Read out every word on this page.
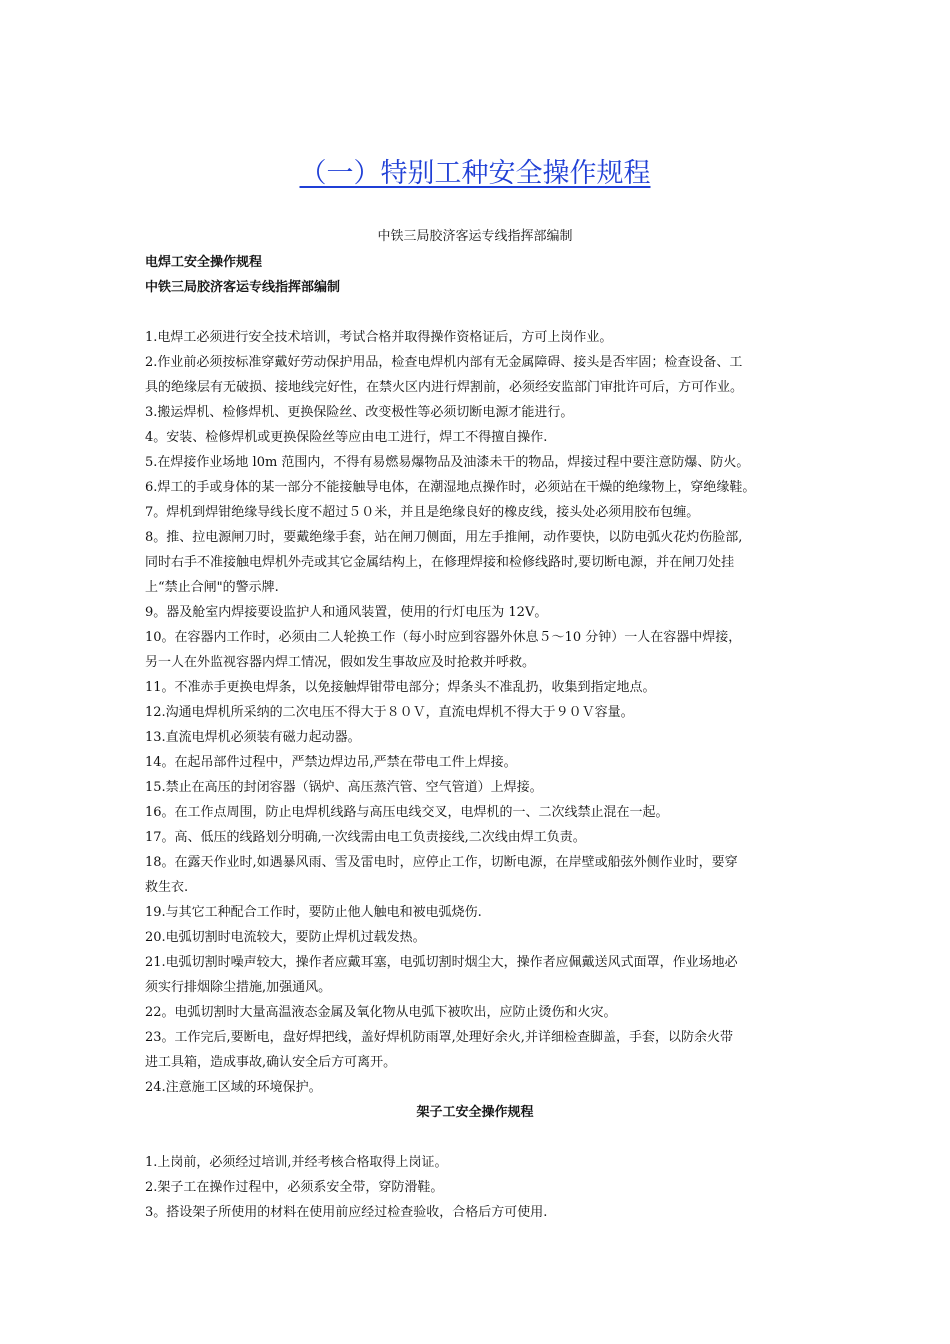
（一）特别工种安全操作规程
中铁三局胶济客运专线指挥部编制
电焊工安全操作规程
中铁三局胶济客运专线指挥部编制
1.电焊工必须进行安全技术培训，考试合格并取得操作资格证后，方可上岗作业。
2.作业前必须按标准穿戴好劳动保护用品，检查电焊机内部有无金属障碍、接头是否牢固；检查设备、工
具的绝缘层有无破损、接地线完好性，在禁火区内进行焊割前，必须经安监部门审批许可后，方可作业。
3.搬运焊机、检修焊机、更换保险丝、改变极性等必须切断电源才能进行。
4。安装、检修焊机或更换保险丝等应由电工进行，焊工不得擅自操作.
5.在焊接作业场地 l0m 范围内，不得有易燃易爆物品及油漆未干的物品，焊接过程中要注意防爆、防火。
6.焊工的手或身体的某一部分不能接触导电体，在潮湿地点操作时，必须站在干燥的绝缘物上，穿绝缘鞋。
7。焊机到焊钳绝缘导线长度不超过５０米，并且是绝缘良好的橡皮线，接头处必须用胶布包缠。
8。推、拉电源闸刀时，要戴绝缘手套，站在闸刀侧面，用左手推闸，动作要快，以防电弧火花灼伤脸部,
同时右手不准接触电焊机外壳或其它金属结构上，在修理焊接和检修线路时,要切断电源，并在闸刀处挂
上“禁止合闸"的警示牌.
9。器及舱室内焊接要设监护人和通风装置，使用的行灯电压为 12V。
10。在容器内工作时，必须由二人轮换工作（每小时应到容器外休息５～10 分钟）一人在容器中焊接，
另一人在外监视容器内焊工情况，假如发生事故应及时抢救并呼救。
11。不准赤手更换电焊条，以免接触焊钳带电部分；焊条头不准乱扔，收集到指定地点。
12.沟通电焊机所采纳的二次电压不得大于８０Ｖ，直流电焊机不得大于９０Ｖ容量。
13.直流电焊机必须装有磁力起动器。
14。在起吊部件过程中，严禁边焊边吊,严禁在带电工件上焊接。
15.禁止在高压的封闭容器（锅炉、高压蒸汽管、空气管道）上焊接。
16。在工作点周围，防止电焊机线路与高压电线交叉，电焊机的一、二次线禁止混在一起。
17。高、低压的线路划分明确,一次线需由电工负责接线,二次线由焊工负责。
18。在露天作业时,如遇暴风雨、雪及雷电时，应停止工作，切断电源，在岸壁或船弦外侧作业时，要穿
救生衣.
19.与其它工种配合工作时，要防止他人触电和被电弧烧伤.
20.电弧切割时电流较大，要防止焊机过载发热。
21.电弧切割时噪声较大，操作者应戴耳塞，电弧切割时烟尘大，操作者应佩戴送风式面罩，作业场地必
须实行排烟除尘措施,加强通风。
22。电弧切割时大量高温液态金属及氧化物从电弧下被吹出，应防止烫伤和火灾。
23。工作完后,要断电，盘好焊把线，盖好焊机防雨罩,处理好余火,并详细检查脚盖，手套，以防余火带
进工具箱，造成事故,确认安全后方可离开。
24.注意施工区域的环境保护。
架子工安全操作规程
1.上岗前，必须经过培训,并经考核合格取得上岗证。
2.架子工在操作过程中，必须系安全带，穿防滑鞋。
3。搭设架子所使用的材料在使用前应经过检查验收，合格后方可使用.
